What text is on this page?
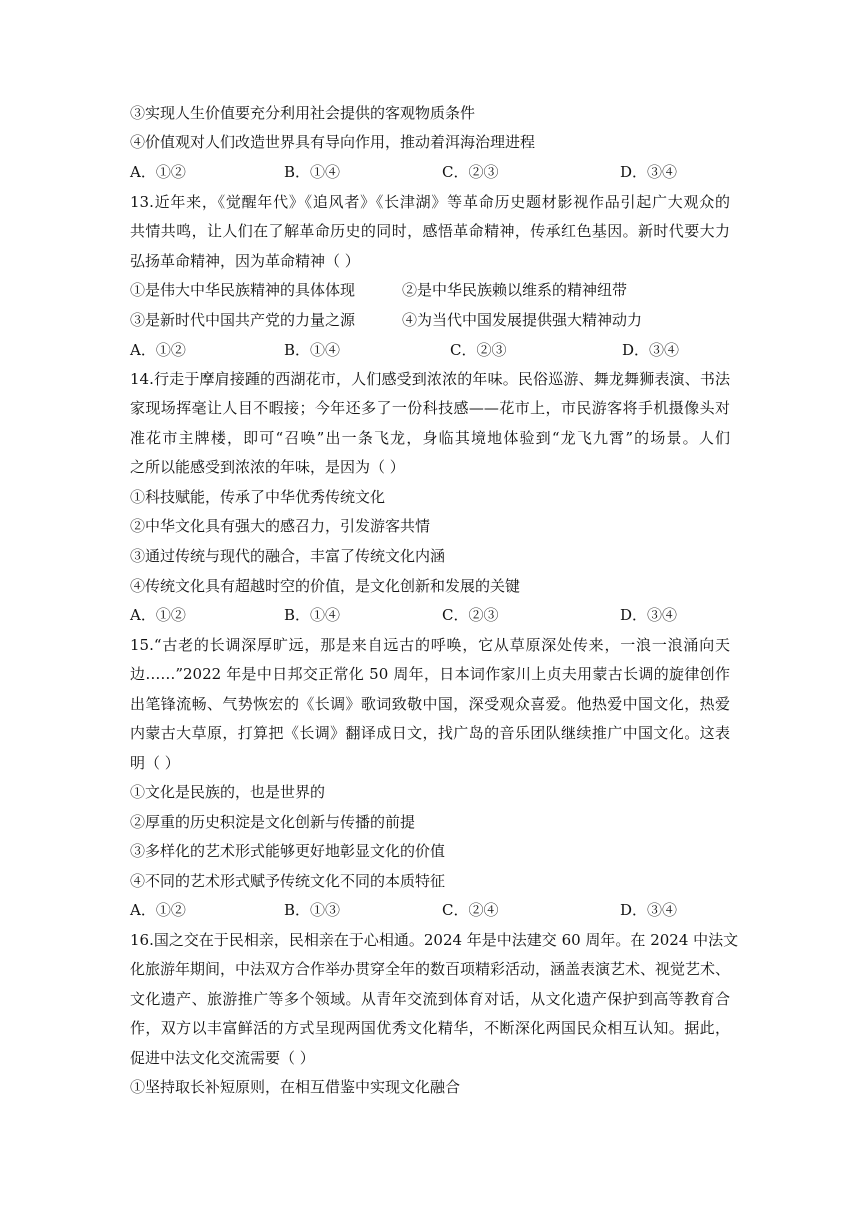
③实现人生价值要充分利用社会提供的客观物质条件
④价值观对人们改造世界具有导向作用，推动着洱海治理进程
A．①②	B．①④	C．②③	D．③④
13.近年来，《觉醒年代》《追风者》《长津湖》等革命历史题材影视作品引起广大观众的
共情共鸣，让人们在了解革命历史的同时，感悟革命精神，传承红色基因。新时代要大力
弘扬革命精神，因为革命精神（ ）
①是伟大中华民族精神的具体体现	②是中华民族赖以维系的精神纽带
③是新时代中国共产党的力量之源	④为当代中国发展提供强大精神动力
A．①②	B．①④	C．②③	D．③④
14.行走于摩肩接踵的西湖花市，人们感受到浓浓的年味。民俗巡游、舞龙舞狮表演、书法
家现场挥毫让人目不暇接；今年还多了一份科技感——花市上，市民游客将手机摄像头对
准花市主牌楼，即可“召唤”出一条飞龙，身临其境地体验到“龙飞九霄”的场景。人们
之所以能感受到浓浓的年味，是因为（ ）
①科技赋能，传承了中华优秀传统文化
②中华文化具有强大的感召力，引发游客共情
③通过传统与现代的融合，丰富了传统文化内涵
④传统文化具有超越时空的价值，是文化创新和发展的关键
A．①②	B．①④	C．②③	D．③④
15.“古老的长调深厚旷远，那是来自远古的呼唤，它从草原深处传来，一浪一浪涌向天
边……”2022 年是中日邦交正常化 50 周年，日本词作家川上贞夫用蒙古长调的旋律创作
出笔锋流畅、气势恢宏的《长调》歌词致敬中国，深受观众喜爱。他热爱中国文化，热爱
内蒙古大草原，打算把《长调》翻译成日文，找广岛的音乐团队继续推广中国文化。这表
明（ ）
①文化是民族的，也是世界的
②厚重的历史积淀是文化创新与传播的前提
③多样化的艺术形式能够更好地彰显文化的价值
④不同的艺术形式赋予传统文化不同的本质特征
A．①②	B．①③	C．②④	D．③④
16.国之交在于民相亲，民相亲在于心相通。2024 年是中法建交 60 周年。在 2024 中法文
化旅游年期间，中法双方合作举办贯穿全年的数百项精彩活动，涵盖表演艺术、视觉艺术、
文化遗产、旅游推广等多个领域。从青年交流到体育对话，从文化遗产保护到高等教育合
作，双方以丰富鲜活的方式呈现两国优秀文化精华，不断深化两国民众相互认知。据此，
促进中法文化交流需要（ ）
①坚持取长补短原则，在相互借鉴中实现文化融合
